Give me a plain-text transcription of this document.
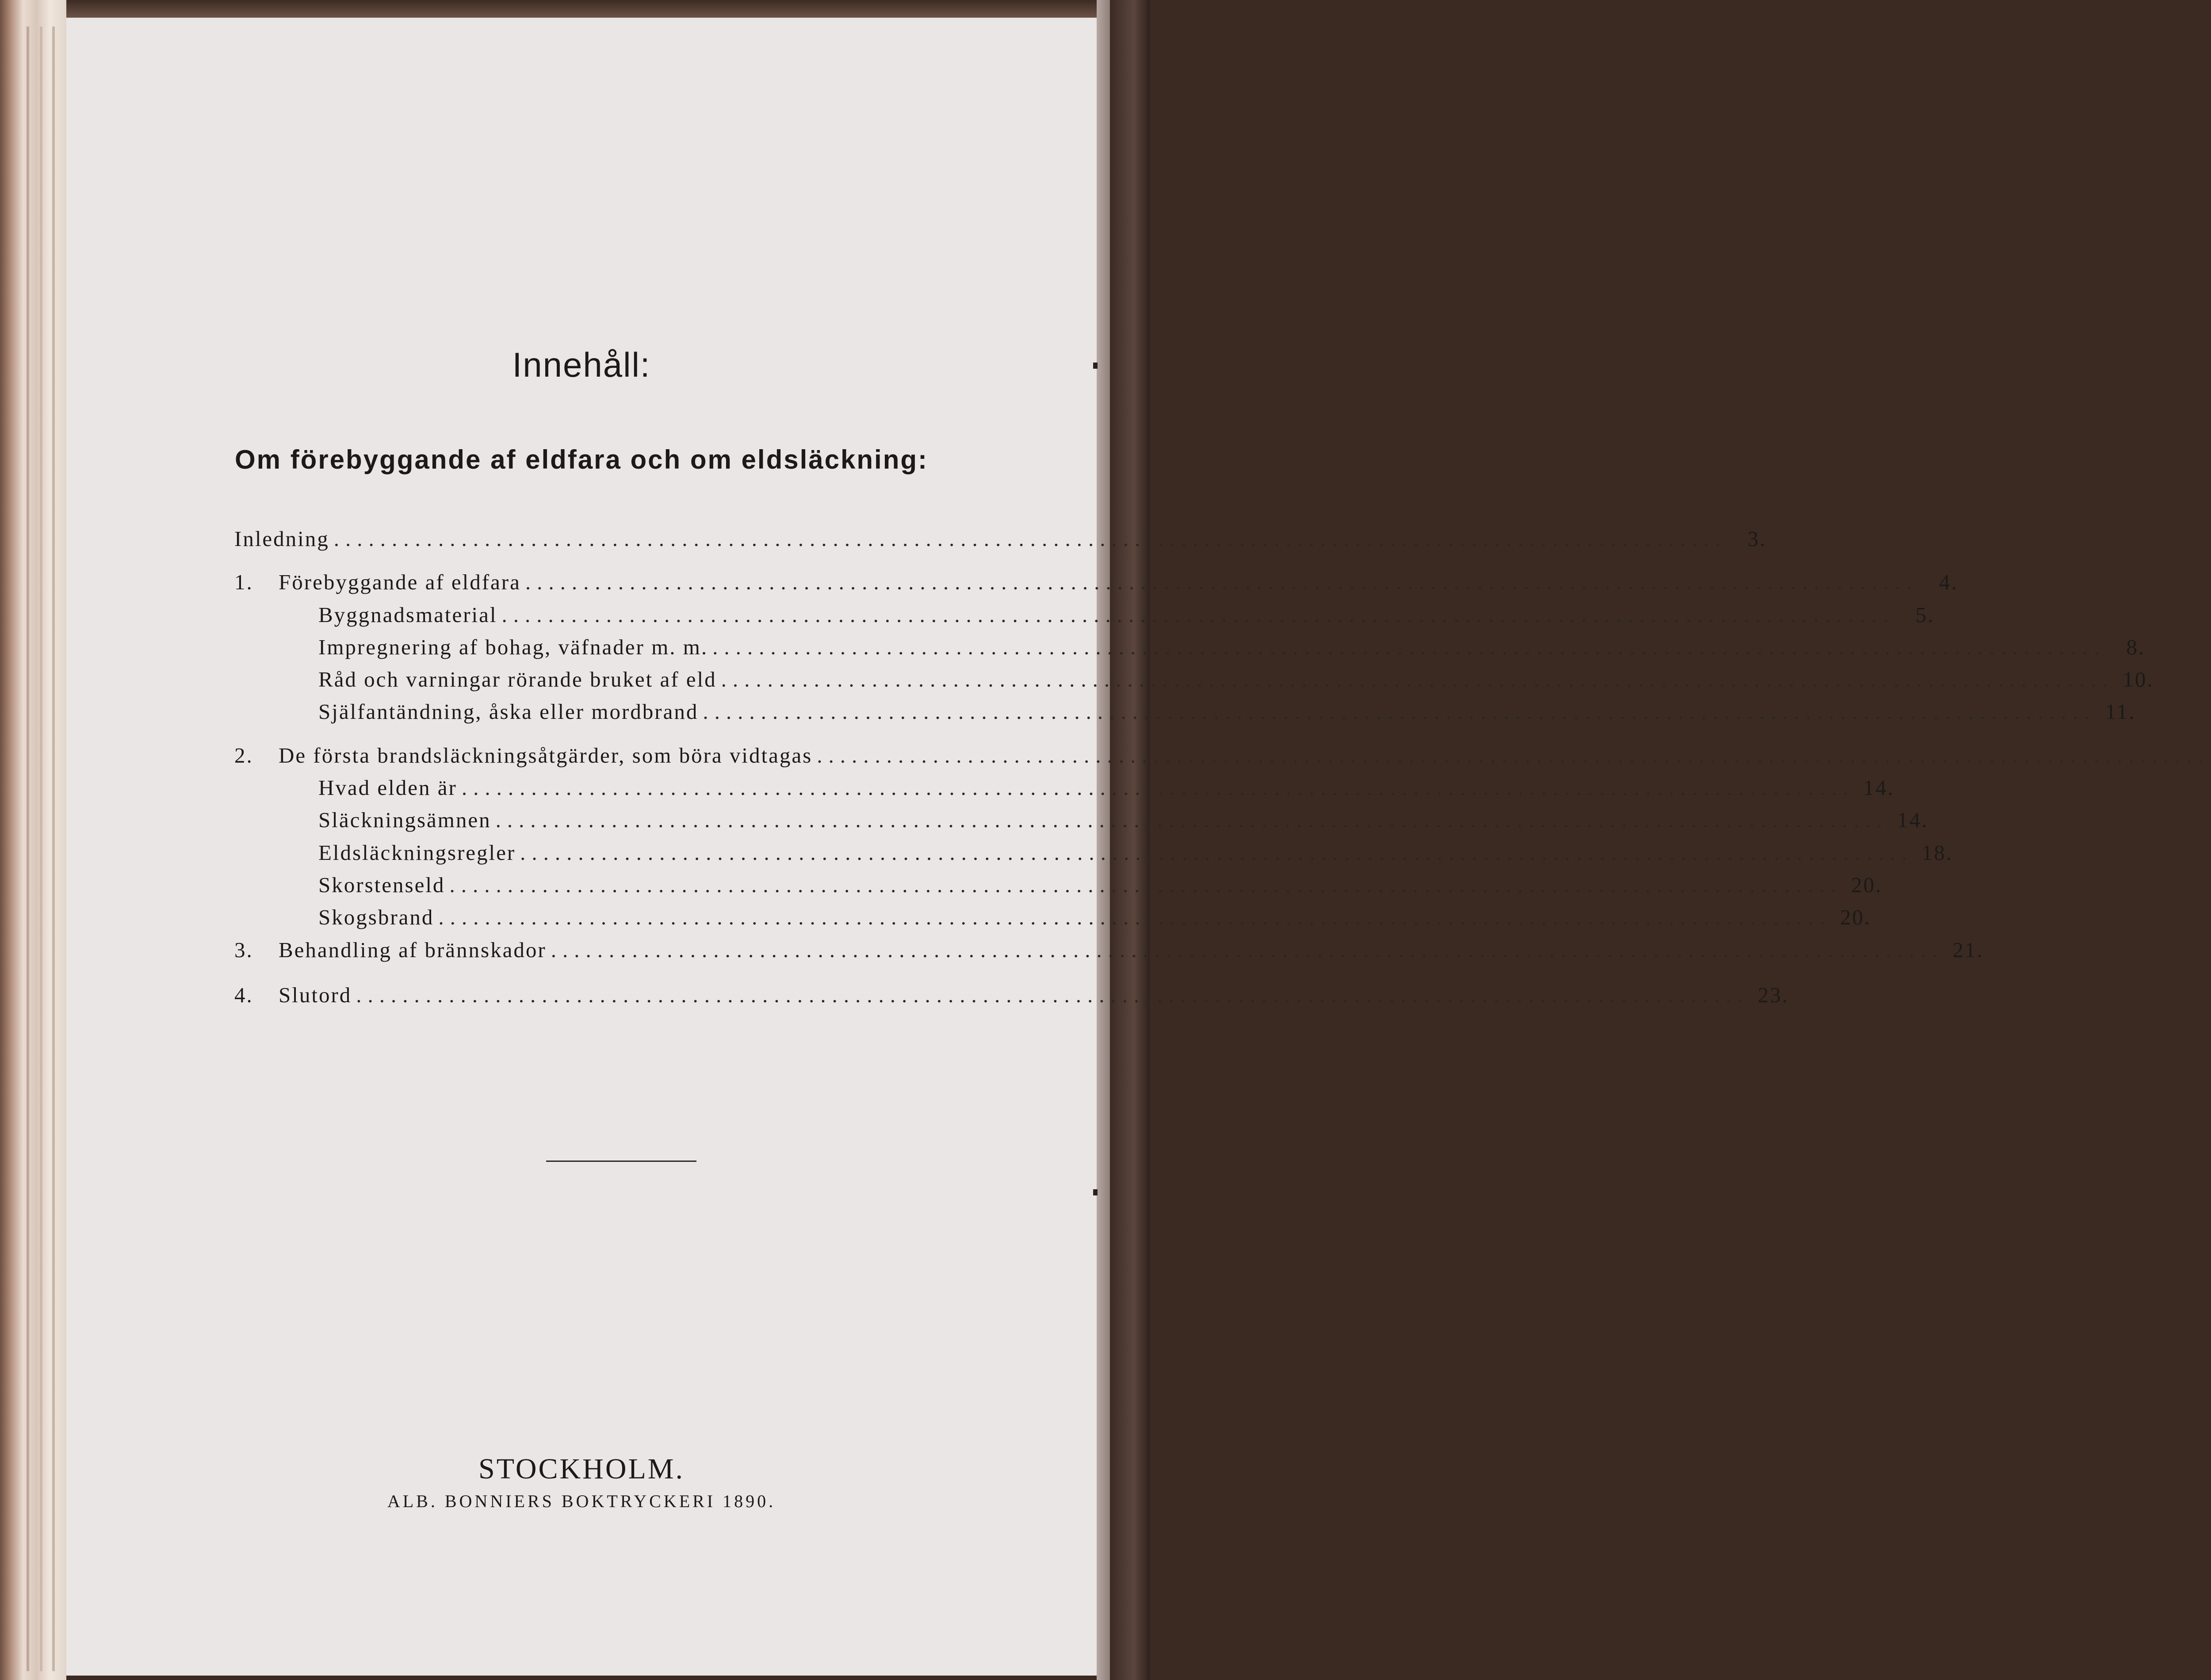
Innehåll:
Om förebyggande af eldfara och om eldsläckning:
Inledning ........................................................................................................................ 3.
1.	Förebyggande af eldfara ........................................................................................................................ 4.
Byggnadsmaterial ........................................................................................................................ 5.
Impregnering af bohag, väfnader m. m. ........................................................................................................................ 8.
Råd och varningar rörande bruket af eld ........................................................................................................................ 10.
Själfantändning, åska eller mordbrand ........................................................................................................................ 11.
2.	De första brandsläckningsåtgärder, som böra vidtagas ........................................................................................................................
Hvad elden är ........................................................................................................................ 14.
Släckningsämnen ........................................................................................................................ 14.
Eldsläckningsregler ........................................................................................................................ 18.
Skorstenseld ........................................................................................................................ 20.
Skogsbrand ........................................................................................................................ 20.
3.	Behandling af brännskador ........................................................................................................................ 21.
4.	Slutord ........................................................................................................................ 23.
STOCKHOLM.
ALB. BONNIERS BOKTRYCKERI 1890.
